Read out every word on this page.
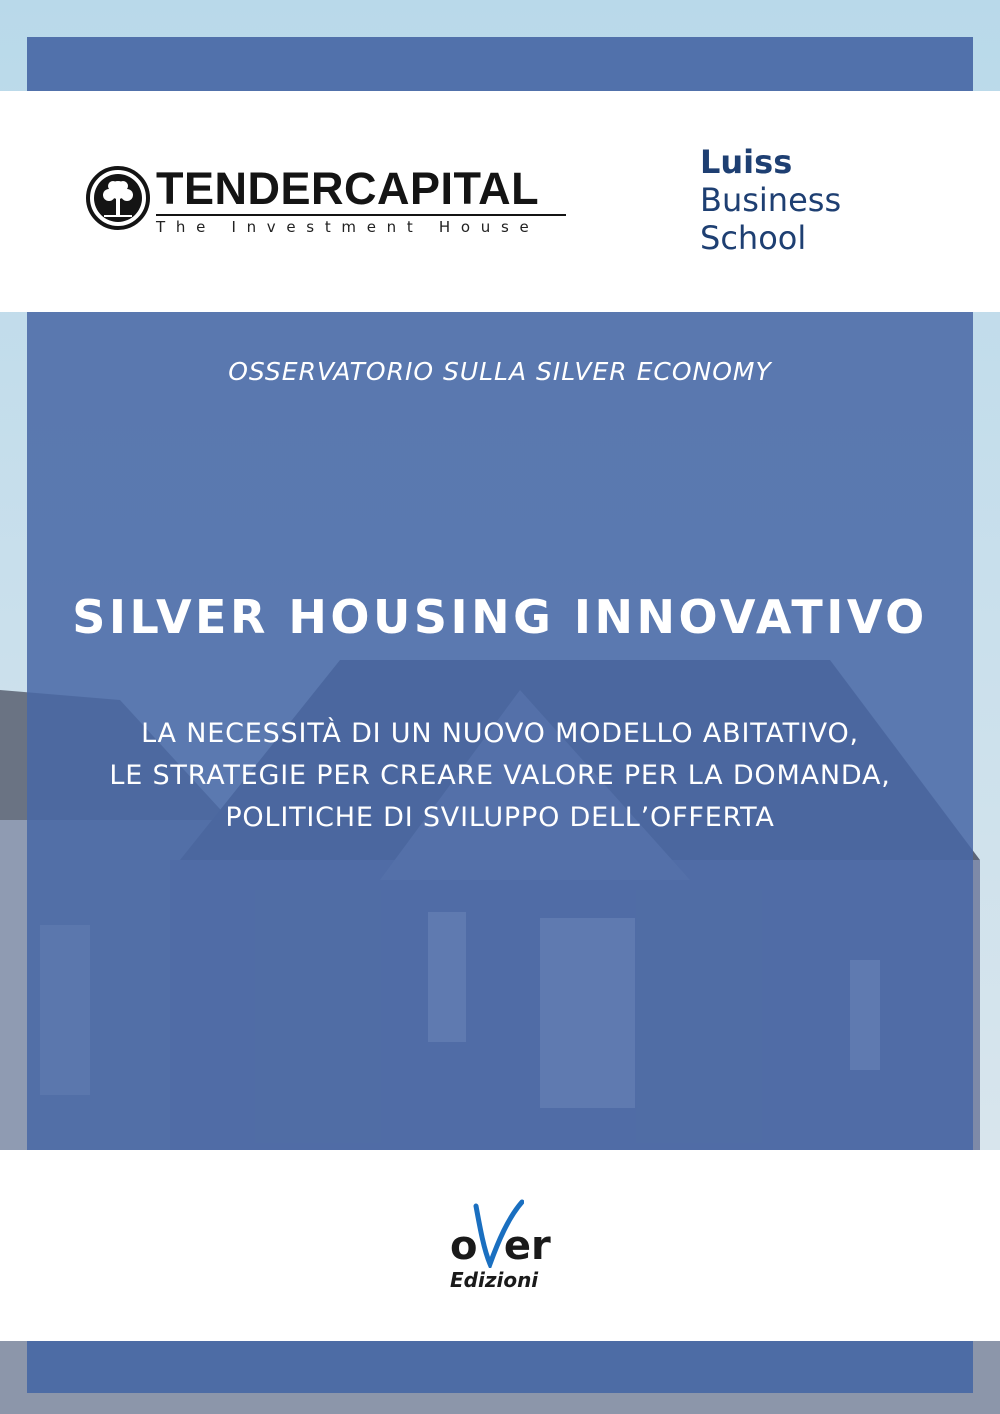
TENDERCAPITAL
The Investment House
Luiss
Business
School
OSSERVATORIO SULLA SILVER ECONOMY
SILVER HOUSING INNOVATIVO
LA NECESSITÀ DI UN NUOVO MODELLO ABITATIVO,
LE STRATEGIE PER CREARE VALORE PER LA DOMANDA,
POLITICHE DI SVILUPPO DELL’OFFERTA
o er
Edizioni
